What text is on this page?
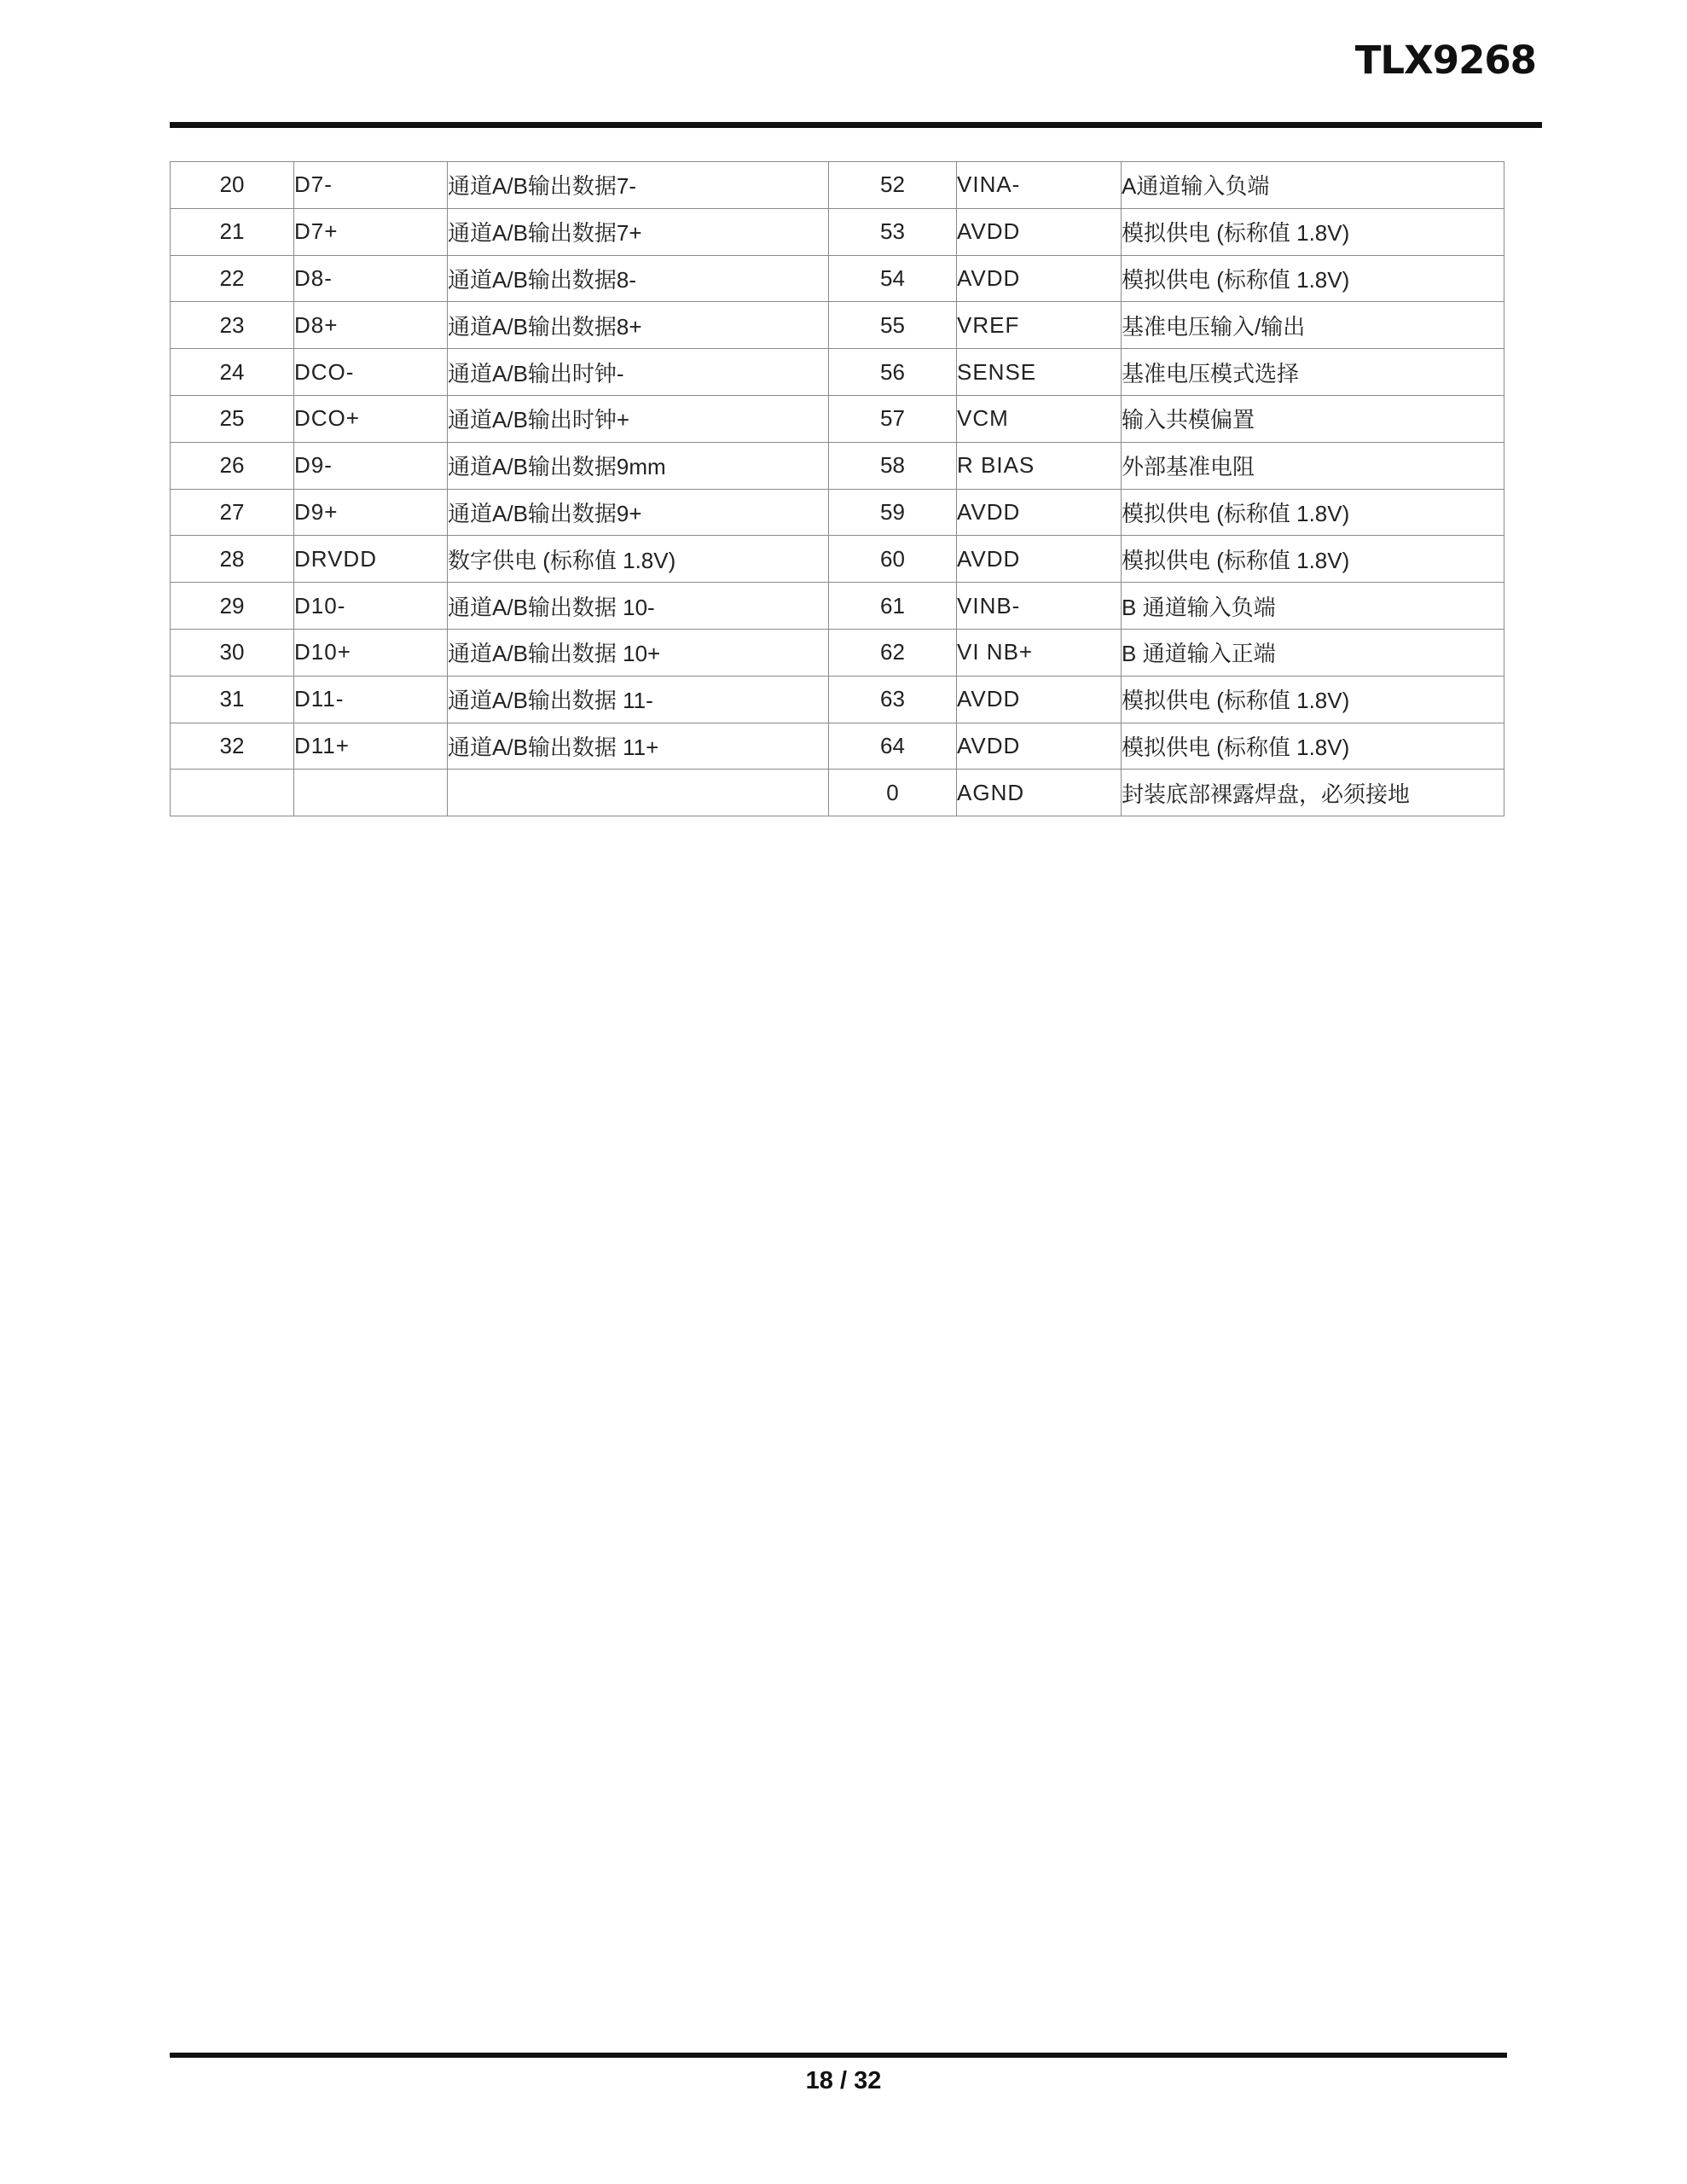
TLX9268
20	D7-	通道A/B输出数据7-	52	VINA-	A通道输入负端
21	D7+	通道A/B输出数据7+	53	AVDD	模拟供电 (标称值 1.8V)
22	D8-	通道A/B输出数据8-	54	AVDD	模拟供电 (标称值 1.8V)
23	D8+	通道A/B输出数据8+	55	VREF	基准电压输入/输出
24	DCO-	通道A/B输出时钟-	56	SENSE	基准电压模式选择
25	DCO+	通道A/B输出时钟+	57	VCM	输入共模偏置
26	D9-	通道A/B输出数据9mm	58	R BIAS	外部基准电阻
27	D9+	通道A/B输出数据9+	59	AVDD	模拟供电 (标称值 1.8V)
28	DRVDD	数字供电 (标称值 1.8V)	60	AVDD	模拟供电 (标称值 1.8V)
29	D10-	通道A/B输出数据 10-	61	VINB-	B 通道输入负端
30	D10+	通道A/B输出数据 10+	62	VI NB+	B 通道输入正端
31	D11-	通道A/B输出数据 11-	63	AVDD	模拟供电 (标称值 1.8V)
32	D11+	通道A/B输出数据 11+	64	AVDD	模拟供电 (标称值 1.8V)
			0	AGND	封装底部裸露焊盘，必须接地
18 / 32
